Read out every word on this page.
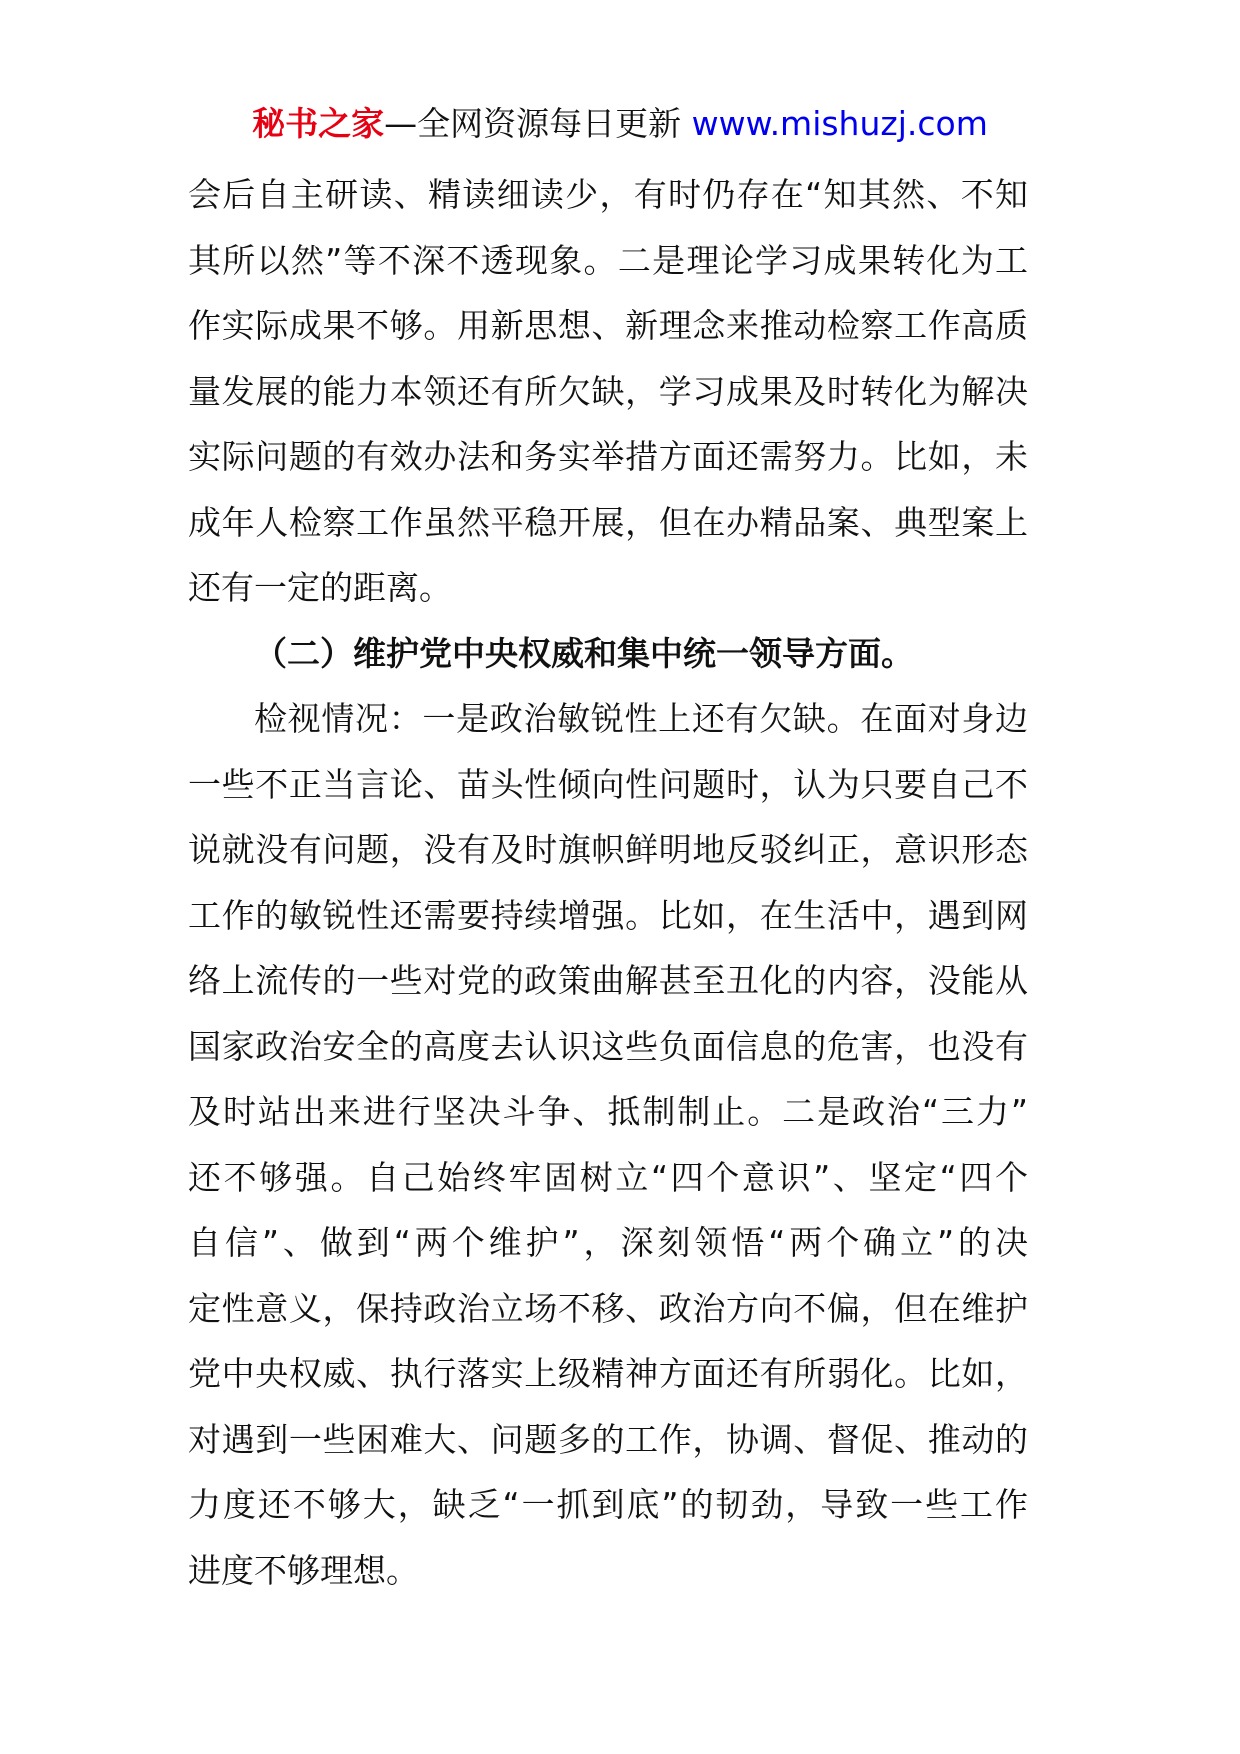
秘书之家—全网资源每日更新 www.mishuzj.com
会后自主研读、精读细读少，有时仍存在“知其然、不知
其所以然”等不深不透现象。二是理论学习成果转化为工
作实际成果不够。用新思想、新理念来推动检察工作高质
量发展的能力本领还有所欠缺，学习成果及时转化为解决
实际问题的有效办法和务实举措方面还需努力。比如，未
成年人检察工作虽然平稳开展，但在办精品案、典型案上
还有一定的距离。
（二）维护党中央权威和集中统一领导方面。
检视情况：一是政治敏锐性上还有欠缺。在面对身边
一些不正当言论、苗头性倾向性问题时，认为只要自己不
说就没有问题，没有及时旗帜鲜明地反驳纠正，意识形态
工作的敏锐性还需要持续增强。比如，在生活中，遇到网
络上流传的一些对党的政策曲解甚至丑化的内容，没能从
国家政治安全的高度去认识这些负面信息的危害，也没有
及时站出来进行坚决斗争、抵制制止。二是政治“三力”
还不够强。自己始终牢固树立“四个意识”、坚定“四个
自信”、做到“两个维护”，深刻领悟“两个确立”的决
定性意义，保持政治立场不移、政治方向不偏，但在维护
党中央权威、执行落实上级精神方面还有所弱化。比如，
对遇到一些困难大、问题多的工作，协调、督促、推动的
力度还不够大，缺乏“一抓到底”的韧劲，导致一些工作
进度不够理想。
